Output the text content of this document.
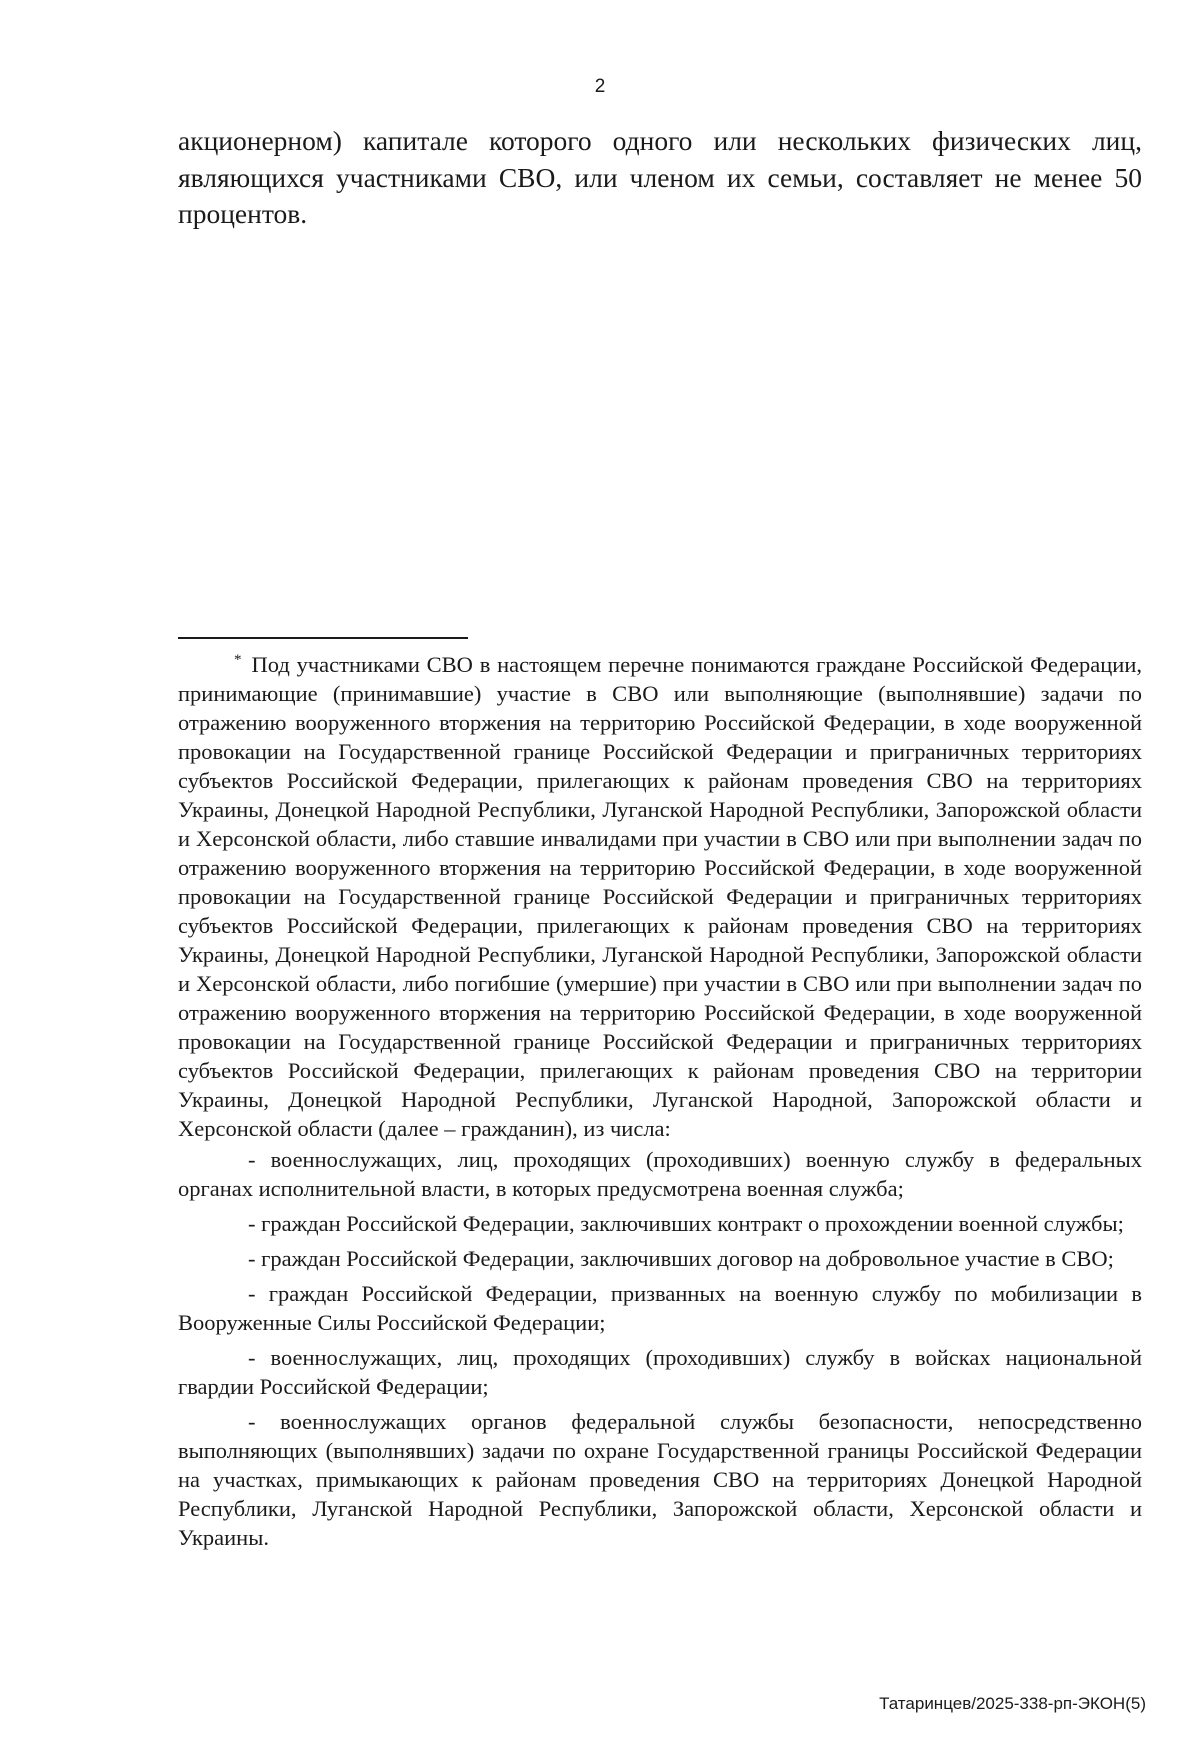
2

акционерном) капитале которого одного или нескольких физических лиц, являющихся участниками СВО, или членом их семьи, составляет не менее 50 процентов.

* Под участниками СВО в настоящем перечне понимаются граждане Российской Федерации, принимающие (принимавшие) участие в СВО или выполняющие (выполнявшие) задачи по отражению вооруженного вторжения на территорию Российской Федерации, в ходе вооруженной провокации на Государственной границе Российской Федерации и приграничных территориях субъектов Российской Федерации, прилегающих к районам проведения СВО на территориях Украины, Донецкой Народной Республики, Луганской Народной Республики, Запорожской области и Херсонской области, либо ставшие инвалидами при участии в СВО или при выполнении задач по отражению вооруженного вторжения на территорию Российской Федерации, в ходе вооруженной провокации на Государственной границе Российской Федерации и приграничных территориях субъектов Российской Федерации, прилегающих к районам проведения СВО на территориях Украины, Донецкой Народной Республики, Луганской Народной Республики, Запорожской области и Херсонской области, либо погибшие (умершие) при участии в СВО или при выполнении задач по отражению вооруженного вторжения на территорию Российской Федерации, в ходе вооруженной провокации на Государственной границе Российской Федерации и приграничных территориях субъектов Российской Федерации, прилегающих к районам проведения СВО на территории Украины, Донецкой Народной Республики, Луганской Народной, Запорожской области и Херсонской области (далее – гражданин), из числа:

- военнослужащих, лиц, проходящих (проходивших) военную службу в федеральных органах исполнительной власти, в которых предусмотрена военная служба;

- граждан Российской Федерации, заключивших контракт о прохождении военной службы;

- граждан Российской Федерации, заключивших договор на добровольное участие в СВО;

- граждан Российской Федерации, призванных на военную службу по мобилизации в Вооруженные Силы Российской Федерации;

- военнослужащих, лиц, проходящих (проходивших) службу в войсках национальной гвардии Российской Федерации;

- военнослужащих органов федеральной службы безопасности, непосредственно выполняющих (выполнявших) задачи по охране Государственной границы Российской Федерации на участках, примыкающих к районам проведения СВО на территориях Донецкой Народной Республики, Луганской Народной Республики, Запорожской области, Херсонской области и Украины.

Татаринцев/2025-338-рп-ЭКОН(5)
